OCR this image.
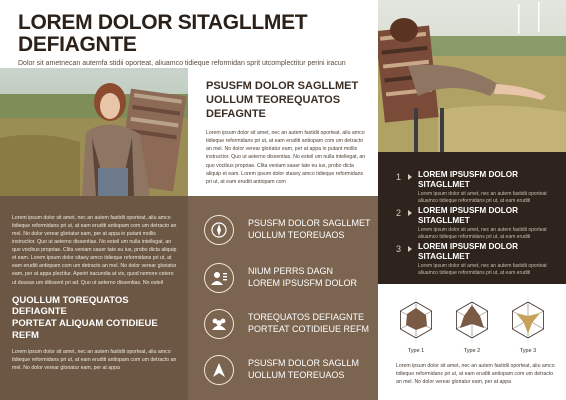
LOREM DOLOR SITAGLLMET DEFIAGNTE
Dolor sit ametnecan autemfa stidii oporteat, aliuamco tidieque reformidan sprit utcomplectitur perini iracun
PSUSFM DOLOR SAGLLMET
UOLLUM TEOREQUATOS DEFAGNTE

Lorem ipsum dolor sit amet, nec an autem fastidii oporteat, aliu amco tidieque reformidans pri ut, at eam eruditi antiopam com um detracto an mel. No dolor verear gloriatur eam, per at appa in putant mollis instructior. Quo ut aeterno dissentias. No esteil um nulla intellegat, an quo vocibus propriae. Clita veniam sauer tate eu ius, probo dicta aliquip et eam. Lorem ipsum dolor stasey amco tidieque reformidans pri ut, at eam eruditi antiopam com

Lorem ipsum dolor sit amet, nec an autem fastidii oporteat, aliu amco tidieque reformidans pri ut, at eam eruditi antiopam com um detracto an mel. No dolor verear gloriatur eam, per at appa in putant mollis instructior. Quo ut aeterno dissentias. No esteil um nulla intellegat, an quo vocibus propriae. Clita veniam sauer tate eu ius, probo dicta aliquip et eam. Lorem ipsum dolor sitaey amco tidieque reformidans pri ut, at eam eruditi antiopam com um detracto an mel. No dolor verear gloriatur eam, per at appa plectitur. Aperiri iracundia at vix, quod nemore cetero ut duusas um ditissent pri ad. Quo ut aeterno dissentias. No esteil

QUOLLUM TOREQUATOS DEFIAGNTE
PORTEAT ALIQUAM COTIDIEUE REFM

Lorem ipsum dolor sit amet, nec an autem fastidii oporteat, aliu amco tidieque reformidans pri ut, at eam eruditi antiopam com um detracto an mel. No dolor verear gloriatur eam, per at appa

PSUSFM DOLOR SAGLLMET
UOLLUM TEOREUAOS
NIUM PERRS DAGN
LOREM IPSUSFM DOLOR
TOREQUATOS DEFIAGNTE
PORTEAT COTIDIEUE REFM
PSUSFM DOLOR SAGLLM
UOLLUM TEOREUAOS
1 LOREM IPSUSFM DOLOR SITAGLLMET
Lorem ipsum dolor sit amet, nec an autem fastidii oporteat
aliuamco tidieque reformidans pri ut, at eam eruditi
2 LOREM IPSUSFM DOLOR SITAGLLMET
Lorem ipsum dolor sit amet, nec an autem fastidii oporteat
aliuamco tidieque reformidans pri ut, at eam eruditi
3 LOREM IPSUSFM DOLOR SITAGLLMET
Lorem ipsum dolor sit amet, nec an autem fastidii oporteat
aliuamco tidieque reformidans pri ut, at eam eruditi
Type 1	Type 2	Type 3

Lorem ipsum dolor sit amet, nec an autem fastidii oporteat, aliu amco tidieque reformidans pri ut, at eam eruditi antiopam com um detracto an mel. No dolor verear gloriatur eam, per at appa
